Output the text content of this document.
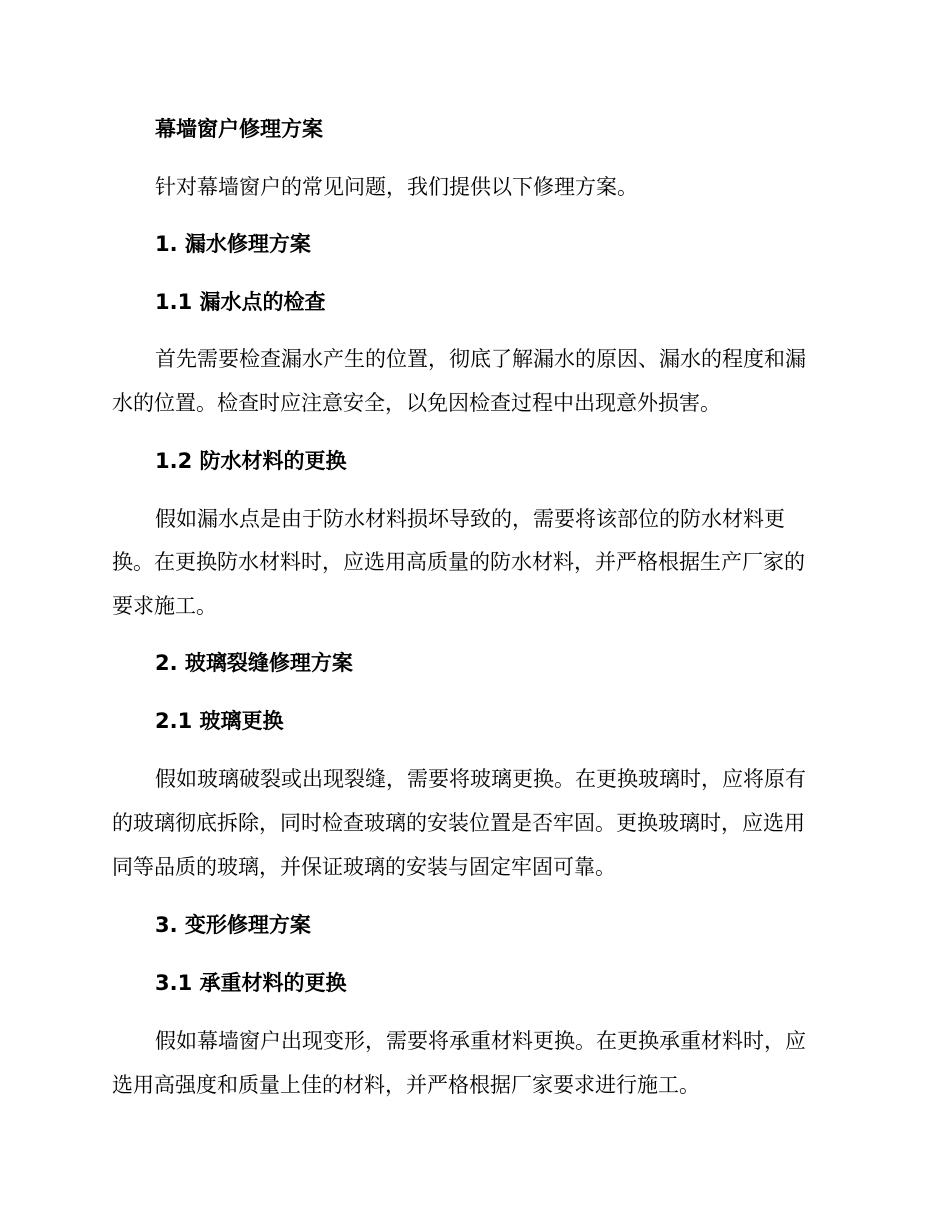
幕墙窗户修理方案
针对幕墙窗户的常见问题，我们提供以下修理方案。
1. 漏水修理方案
1.1 漏水点的检查
首先需要检查漏水产生的位置，彻底了解漏水的原因、漏水的程度和漏
水的位置。检查时应注意安全，以免因检查过程中出现意外损害。
1.2 防水材料的更换
假如漏水点是由于防水材料损坏导致的，需要将该部位的防水材料更
换。在更换防水材料时，应选用高质量的防水材料，并严格根据生产厂家的
要求施工。
2. 玻璃裂缝修理方案
2.1 玻璃更换
假如玻璃破裂或出现裂缝，需要将玻璃更换。在更换玻璃时，应将原有
的玻璃彻底拆除，同时检查玻璃的安装位置是否牢固。更换玻璃时，应选用
同等品质的玻璃，并保证玻璃的安装与固定牢固可靠。
3. 变形修理方案
3.1 承重材料的更换
假如幕墙窗户出现变形，需要将承重材料更换。在更换承重材料时，应
选用高强度和质量上佳的材料，并严格根据厂家要求进行施工。
